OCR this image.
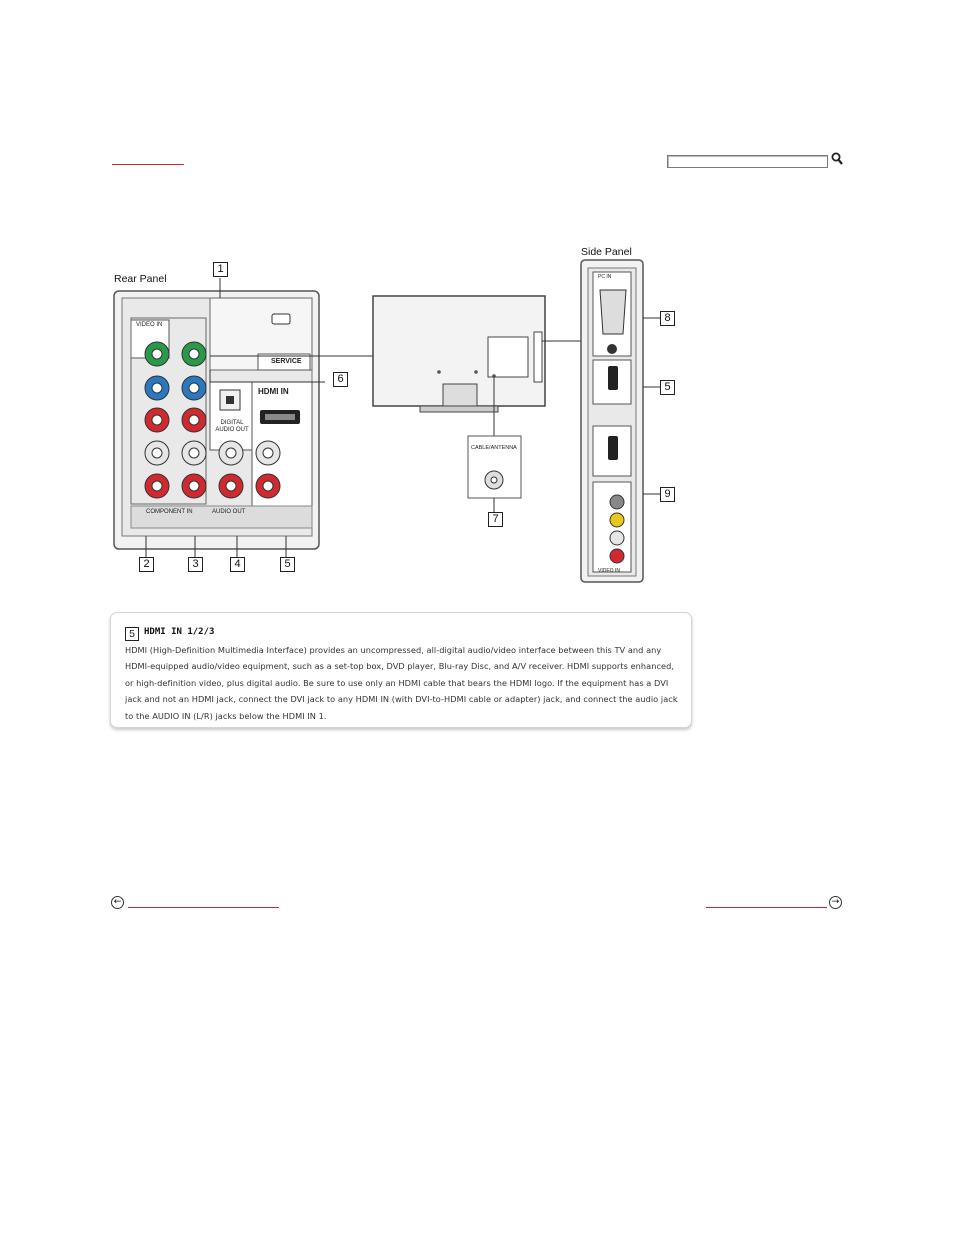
Rear Panel
Side Panel
VIDEO IN
SERVICE
HDMI IN
DIGITAL AUDIO OUT
COMPONENT IN	AUDIO OUT
PC IN
VIDEO IN
CABLE/ANTENNA
1
2	3	4	5
6
7
8
5
9
5	HDMI IN 1/2/3
HDMI (High-Definition Multimedia Interface) provides an uncompressed, all-digital audio/video interface between this TV and any HDMI-equipped audio/video equipment, such as a set-top box, DVD player, Blu-ray Disc, and A/V receiver. HDMI supports enhanced, or high-definition video, plus digital audio. Be sure to use only an HDMI cable that bears the HDMI logo. If the equipment has a DVI jack and not an HDMI jack, connect the DVI jack to any HDMI IN (with DVI-to-HDMI cable or adapter) jack, and connect the audio jack to the AUDIO IN (L/R) jacks below the HDMI IN 1.
←	→
